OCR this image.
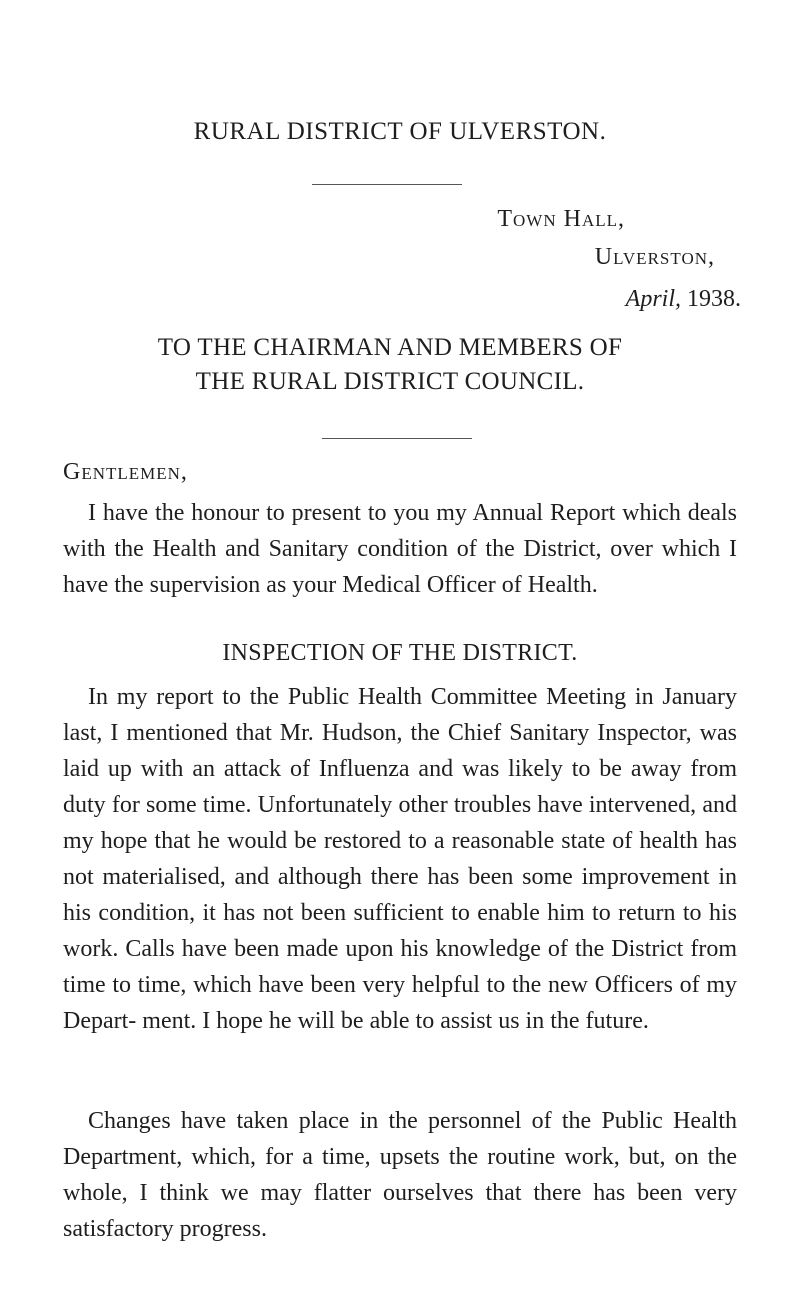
RURAL DISTRICT OF ULVERSTON.
Town Hall,
Ulverston,
April, 1938.
TO THE CHAIRMAN AND MEMBERS OF
THE RURAL DISTRICT COUNCIL.
Gentlemen,

I have the honour to present to you my Annual Report which deals with the Health and Sanitary condition of the District, over which I have the supervision as your Medical Officer of Health.

INSPECTION OF THE DISTRICT.

In my report to the Public Health Committee Meeting in January last, I mentioned that Mr. Hudson, the Chief Sanitary Inspector, was laid up with an attack of Influenza and was likely to be away from duty for some time. Unfortunately other troubles have intervened, and my hope that he would be restored to a reasonable state of health has not materialised, and although there has been some improvement in his condition, it has not been sufficient to enable him to return to his work. Calls have been made upon his knowledge of the District from time to time, which have been very helpful to the new Officers of my Depart- ment. I hope he will be able to assist us in the future.

Changes have taken place in the personnel of the Public Health Department, which, for a time, upsets the routine work, but, on the whole, I think we may flatter ourselves that there has been very satisfactory progress.
